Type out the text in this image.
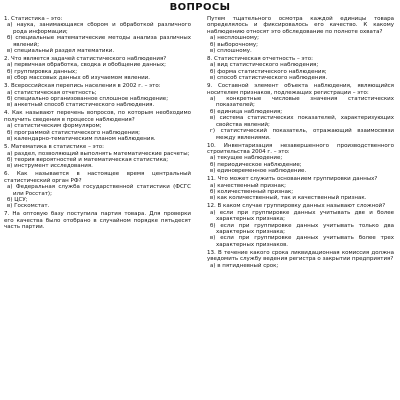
ВОПРОСЫ
1. Статистика – это:
а) наука, занимающаяся сбором и обработкой различного рода информации;
б) специальные математические методы анализа различных явлений;
в) специальный раздел математики.
2. Что является задачей статистического наблюдения?
а) первичная обработка, сводка и обобщение данных;
б) группировка данных;
в) сбор массовых данных об изучаемом явлении.
3. Всероссийская перепись населения в 2002 г. – это:
а) статистическая отчетность;
б) специально организованное сплошное наблюдение;
в) анкетный способ статистического наблюдения.
4. Как называют перечень вопросов, по которым необходимо получить сведения в процессе наблюдения?
а) статистическим формуляром;
б) программой статистического наблюдения;
в) календарно-тематическим планом наблюдения.
5. Математика в статистике – это:
а) раздел, позволяющий выполнять математические расчеты;
б) теория вероятностей и математическая статистика;
в) инструмент исследования.
6. Как называется в настоящее время центральный статистический орган РФ?
а) Федеральная служба государственной статистики (ФСГС или Росстат);
б) ЦСУ;
в) Госкомстат.
7. На оптовую базу поступила партия товара. Для проверки его качества было отобрано в случайном порядке пятьдесят часть партии.
Путем тщательного осмотра каждой единицы товара определялось и фиксировалось его качество. К какому наблюдению относят это обследование по полноте охвата?
а) несплошному;
б) выборочному;
в) сплошному.
8. Статистическая отчетность – это:
а) вид статистического наблюдения;
б) форма статистического наблюдения;
в) способ статистического наблюдения.
9. Составной элемент объекта наблюдения, являющийся носителем признаков, подлежащих регистрации – это:
а) конкретные числовые значения статистических показателей;
б) единица наблюдения;
в) система статистических показателей, характеризующих свойства явлений;
г) статистический показатель, отражающий взаимосвязи между явлениями.
10. Инвентаризация незавершенного производственного строительства 2004 г. – это:
а) текущее наблюдение;
б) периодическое наблюдение;
в) единовременное наблюдение.
11. Что может служить основанием группировки данных?
а) качественный признак;
б) количественный признак;
в) как количественный, так и качественный признак.
12. В каком случае группировку данных называют сложной?
а) если при группировке данных учитывать две и более характерных признака;
б) если при группировке данных учитывать только два характерных признака;
в) если при группировке данных учитывать более трех характерных признаков.
13. В течение какого срока ликвидационная комиссия должна уведомить службу ведения регистра о закрытии предприятия?
а) в пятидневный срок;
